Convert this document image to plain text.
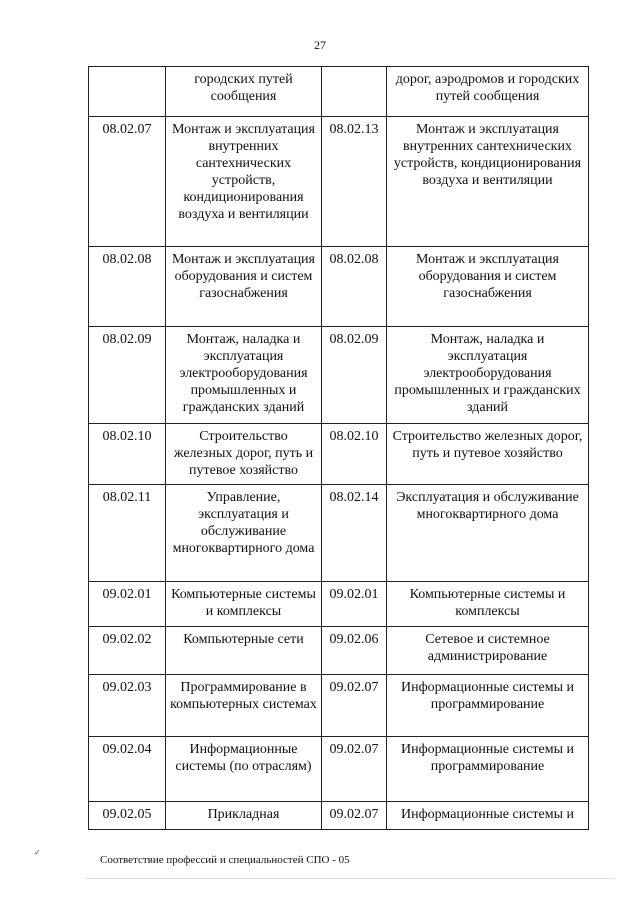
27
	городских путей сообщения		дорог, аэродромов и городских путей сообщения
08.02.07	Монтаж и эксплуатация внутренних сантехнических устройств, кондиционирования воздуха и вентиляции	08.02.13	Монтаж и эксплуатация внутренних сантехнических устройств, кондиционирования воздуха и вентиляции
08.02.08	Монтаж и эксплуатация оборудования и систем газоснабжения	08.02.08	Монтаж и эксплуатация оборудования и систем газоснабжения
08.02.09	Монтаж, наладка и эксплуатация электрооборудования промышленных и гражданских зданий	08.02.09	Монтаж, наладка и эксплуатация электрооборудования промышленных и гражданских зданий
08.02.10	Строительство железных дорог, путь и путевое хозяйство	08.02.10	Строительство железных дорог, путь и путевое хозяйство
08.02.11	Управление, эксплуатация и обслуживание многоквартирного дома	08.02.14	Эксплуатация и обслуживание многоквартирного дома
09.02.01	Компьютерные системы и комплексы	09.02.01	Компьютерные системы и комплексы
09.02.02	Компьютерные сети	09.02.06	Сетевое и системное администрирование
09.02.03	Программирование в компьютерных системах	09.02.07	Информационные системы и программирование
09.02.04	Информационные системы (по отраслям)	09.02.07	Информационные системы и программирование
09.02.05	Прикладная	09.02.07	Информационные системы и
✓
Соответствие профессий и специальностей СПО - 05
